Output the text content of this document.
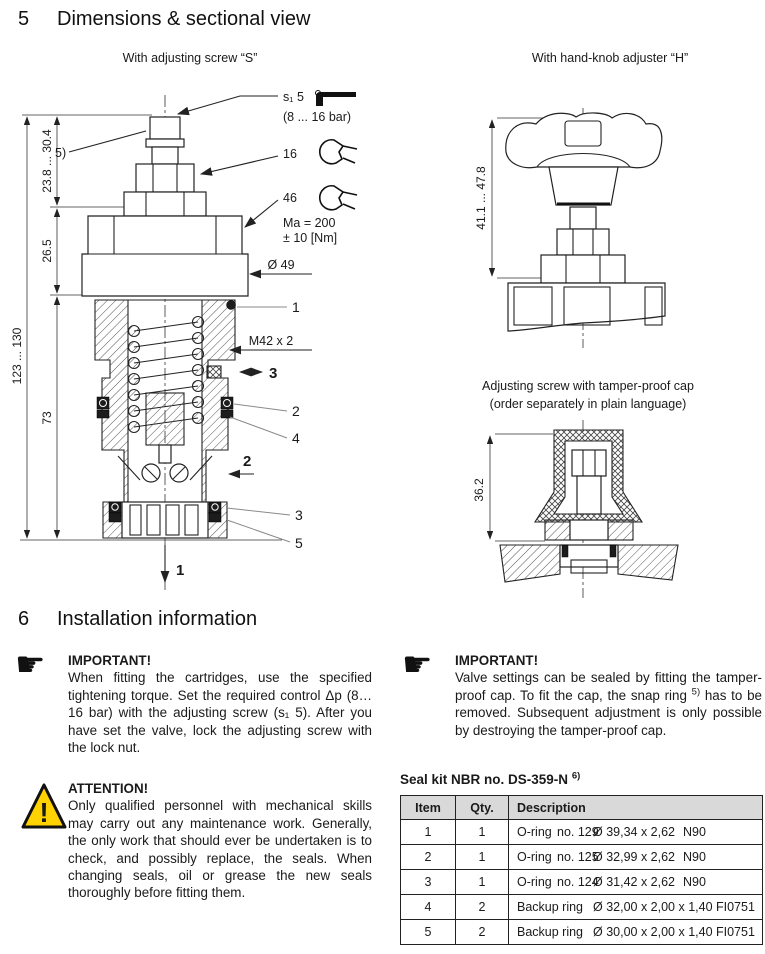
5	Dimensions & sectional view
With adjusting screw “S”	With hand-knob adjuster “H”
123 ... 130
23.8 ... 30.4
26.5
73
s₁ 5
(8 ... 16 bar)
16
46
Ma = 200
± 10 [Nm]
5)
Ø 49
1
M42 x 2
3
2
4
2
3
5
1
41.1 ... 47.8
Adjusting screw with tamper-proof cap
(order separately in plain language)
36.2
6	Installation information
☛ IMPORTANT!
When fitting the cartridges, use the specified tightening torque. Set the required control Δp (8…16 bar) with the adjusting screw (s₁ 5). After you have set the valve, lock the adjusting screw with the lock nut.
!
ATTENTION!
Only qualified personnel with mechanical skills may carry out any maintenance work. Generally, the only work that should ever be undertaken is to check, and possibly replace, the seals. When changing seals, oil or grease the new seals thoroughly before fitting them.
☛ IMPORTANT!
Valve settings can be sealed by fitting the tamper-proof cap. To fit the cap, the snap ring $^{5)}$ has to be removed. Subsequent adjustment is only possible by destroying the tamper-proof cap.
Seal kit NBR no. DS-359-N $^{6)}$
Item	Qty.	Description

1	1	O-ring no. 129
Ø 39,34 x 2,62 N90

2	1	O-ring no. 125
Ø 32,99 x 2,62 N90

3	1	O-ring no. 124
Ø 31,42 x 2,62 N90

4	2	Backup ring Ø 32,00 x 2,00 x 1,40 FI0751

5	2	Backup ring Ø 30,00 x 2,00 x 1,40 FI0751
